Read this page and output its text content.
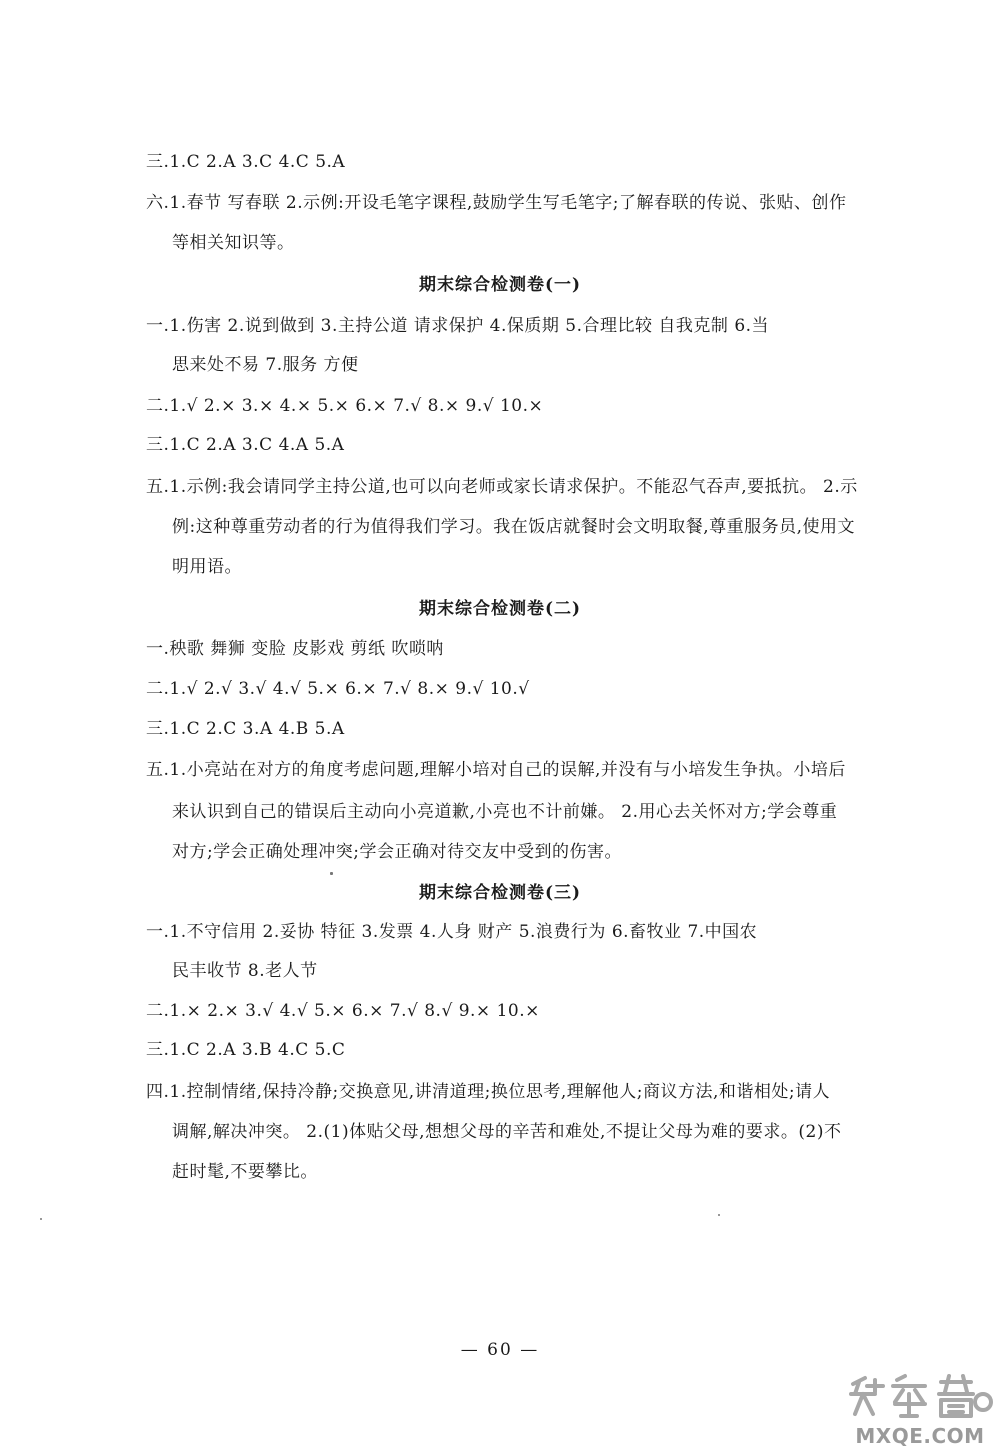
三.1.C 2.A 3.C 4.C 5.A
六.1.春节 写春联 2.示例:开设毛笔字课程,鼓励学生写毛笔字;了解春联的传说、张贴、创作
等相关知识等。
期末综合检测卷(一)
一.1.伤害 2.说到做到 3.主持公道 请求保护 4.保质期 5.合理比较 自我克制 6.当
思来处不易 7.服务 方便
二.1.√ 2.× 3.× 4.× 5.× 6.× 7.√ 8.× 9.√ 10.×
三.1.C 2.A 3.C 4.A 5.A
五.1.示例:我会请同学主持公道,也可以向老师或家长请求保护。不能忍气吞声,要抵抗。 2.示
例:这种尊重劳动者的行为值得我们学习。我在饭店就餐时会文明取餐,尊重服务员,使用文
明用语。
期末综合检测卷(二)
一.秧歌 舞狮 变脸 皮影戏 剪纸 吹唢呐
二.1.√ 2.√ 3.√ 4.√ 5.× 6.× 7.√ 8.× 9.√ 10.√
三.1.C 2.C 3.A 4.B 5.A
五.1.小亮站在对方的角度考虑问题,理解小培对自己的误解,并没有与小培发生争执。小培后
来认识到自己的错误后主动向小亮道歉,小亮也不计前嫌。 2.用心去关怀对方;学会尊重
对方;学会正确处理冲突;学会正确对待交友中受到的伤害。
期末综合检测卷(三)
一.1.不守信用 2.妥协 特征 3.发票 4.人身 财产 5.浪费行为 6.畜牧业 7.中国农
民丰收节 8.老人节
二.1.× 2.× 3.√ 4.√ 5.× 6.× 7.√ 8.√ 9.× 10.×
三.1.C 2.A 3.B 4.C 5.C
四.1.控制情绪,保持冷静;交换意见,讲清道理;换位思考,理解他人;商议方法,和谐相处;请人
调解,解决冲突。 2.(1)体贴父母,想想父母的辛苦和难处,不提让父母为难的要求。(2)不
赶时髦,不要攀比。
— 60 —
MXQE.COM
